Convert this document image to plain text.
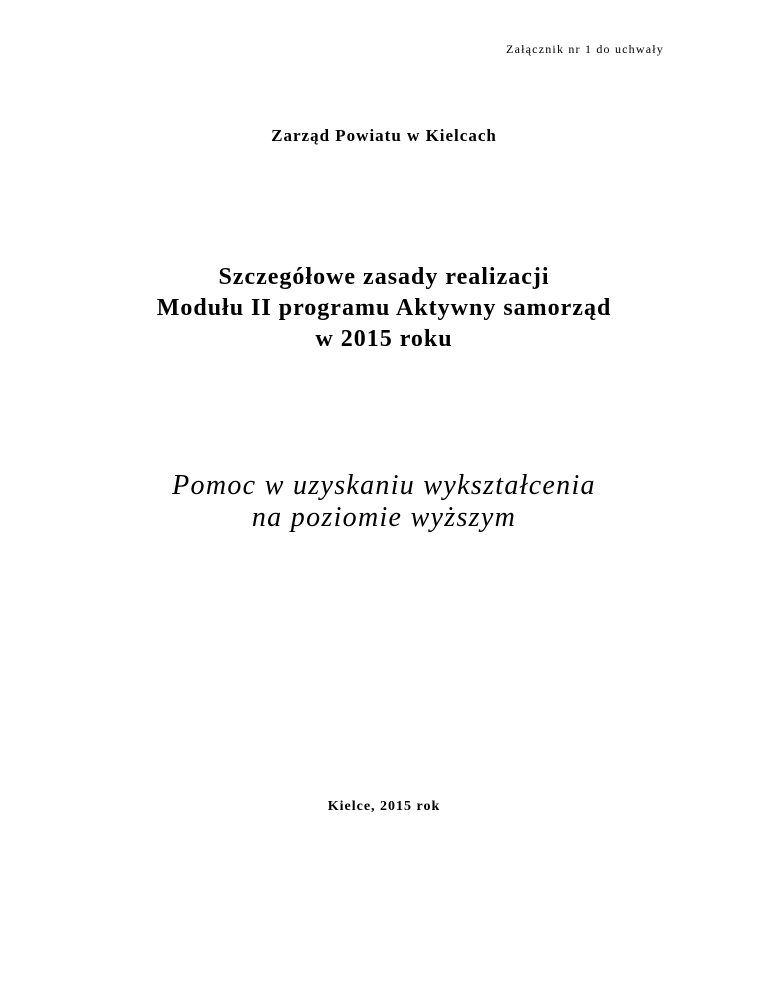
Załącznik nr 1 do uchwały
Zarząd Powiatu w Kielcach
Szczegółowe zasady realizacji
Modułu II programu Aktywny samorząd
w 2015 roku
Pomoc w uzyskaniu wykształcenia
na poziomie wyższym
Kielce, 2015 rok
